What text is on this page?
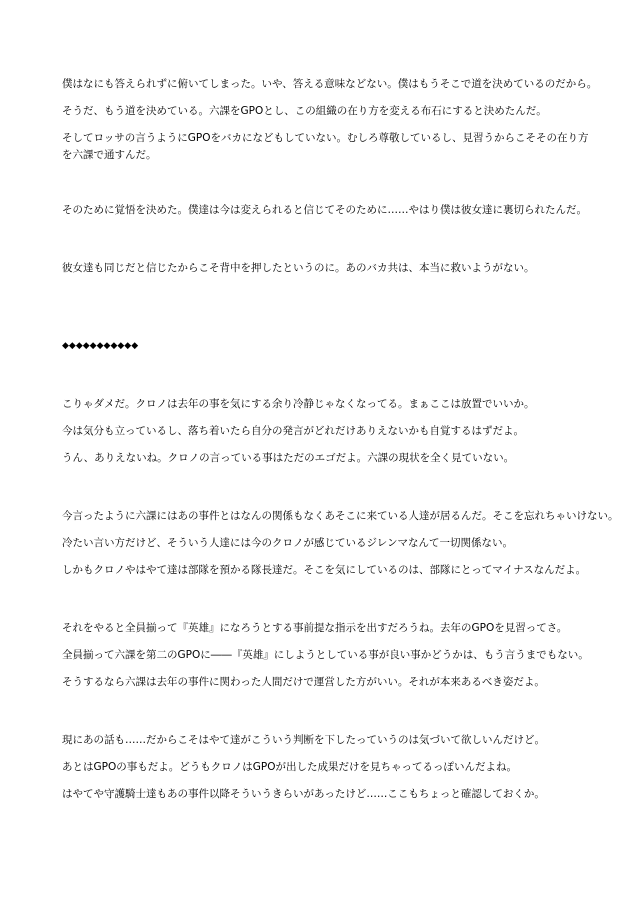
僕はなにも答えられずに俯いてしまった。いや、答える意味などない。僕はもうそこで道を決めているのだから。

そうだ、もう道を決めている。六課をGPOとし、この組織の在り方を変える布石にすると決めたんだ。

そしてロッサの言うようにGPOをバカになどもしていない。むしろ尊敬しているし、見習うからこそその在り方を六課で通すんだ。

そのために覚悟を決めた。僕達は今は変えられると信じてそのために……やはり僕は彼女達に裏切られたんだ。

彼女達も同じだと信じたからこそ背中を押したというのに。あのバカ共は、本当に救いようがない。

◆◆◆◆◆◆◆◆◆◆◆

こりゃダメだ。クロノは去年の事を気にする余り冷静じゃなくなってる。まぁここは放置でいいか。

今は気分も立っているし、落ち着いたら自分の発言がどれだけありえないかも自覚するはずだよ。

うん、ありえないね。クロノの言っている事はただのエゴだよ。六課の現状を全く見ていない。

今言ったように六課にはあの事件とはなんの関係もなくあそこに来ている人達が居るんだ。そこを忘れちゃいけない。

冷たい言い方だけど、そういう人達には今のクロノが感じているジレンマなんて一切関係ない。

しかもクロノやはやて達は部隊を預かる隊長達だ。そこを気にしているのは、部隊にとってマイナスなんだよ。

それをやると全員揃って『英雄』になろうとする事前提な指示を出すだろうね。去年のGPOを見習ってさ。

全員揃って六課を第二のGPOに――『英雄』にしようとしている事が良い事かどうかは、もう言うまでもない。

そうするなら六課は去年の事件に関わった人間だけで運営した方がいい。それが本来あるべき姿だよ。

現にあの話も……だからこそはやて達がこういう判断を下したっていうのは気づいて欲しいんだけど。

あとはGPOの事もだよ。どうもクロノはGPOが出した成果だけを見ちゃってるっぽいんだよね。

はやてや守護騎士達もあの事件以降そういうきらいがあったけど……ここもちょっと確認しておくか。
